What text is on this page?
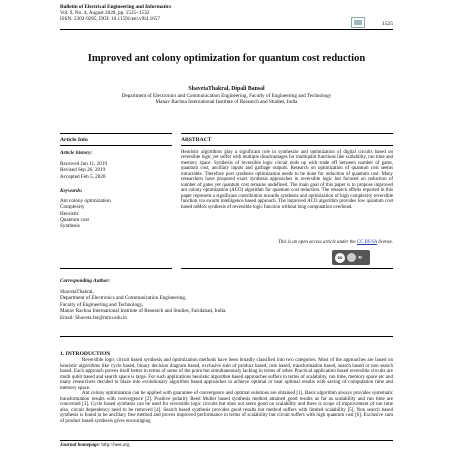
Bulletin of Electrical Engineering and Informatics
Vol. 9, No. 4, August 2020, pp. 1525~1532
ISSN: 2302-9285, DOI: 10.11591/eei.v9i4.1657
1525
Improved ant colony optimization for quantum cost reduction
ShavetaThakral, Dipali Bansal
Department of Electronics and Communication Engineering, Faculty of Engineering and Technology
Manav Rachna International Institute of Research and Studies, India
Article Info	ABSTRACT
Article history:
Received Jun 11, 2019
Revised Sep 26, 2019
Accepted Feb 5, 2020
Keywords:
Ant colony optimization
Complexity
Heuristic
Quantum cost
Synthesis
Heuristic algorithms play a significant role in synthesize and optimization of digital circuits based on reversible logic yet suffer with multiple disadvantages for multiqubit functions like scalability, run time and memory space. Synthesis of reversible logic circuit ends up with trade off between number of gates, quantum cost, ancillary inputs and garbage outputs. Research on optimization of quantum cost seems intractable. Therefore post synthesis optimization needs to be done for reduction of quantum cost. Many researchers have proposed exact synthesis approaches in reversible logic but focused on reduction of number of gates yet quantum cost remains undefined. The main goal of this paper is to propose improved ant colony optimization (ACO) algorithm for quantum cost reduction. The research efforts reported in this paper represent a significant contribution towards synthesis and optimization of high complexity reversible function via swarm intelligence based approach. The improved ACO algorithm provides low quantum cost based mMoS synthesis of reversible logic function without long computation overhead.
This is an open access article under the CC BY-SA license.
cc	⟲
Corresponding Author:
ShavetaThakral,
Department of Electronics and Communication Engineering,
Faculty of Engineering and Technology,
Manav Rachna International Institute of Research and Studies, Faridabad, India.
Email: Shaveta.fet@mriu.edu.in
1. INTRODUCTION

Reversible logic circuit based synthesis and optimization methods have been broadly classified into two categories. Most of the approaches are based on heuristic algorithms like cycle based, binary decision diagram based, exclusive sum of product based, rule based, transformation based, search based or non search based. Each approach proves itself better in terms of some of the point but simultaneously lacking in terms of other. Practical application based reversible circuits are multi qubit based and search space is large. For such applications heuristic algorithm based approaches suffers in terms of scalability, run time, memory space etc and many researchers decided to blaze into evolutionary algorithm based approaches to achieve optimal or near optimal results with saving of computation time and memory space.

Ant colony optimization can be applied with guarantee of convergence and optimal solutions are obtained [1]. Basic algorithm always provides systematic transformation results with convergence [2]. Positive polarity Reed Muller based synthesis method attained good results as far as scalability and run time are concerned [3]. Cycle based synthesis can be used for reversible logic circuits but does not seem good on scalability and there is scope of improvement of run time also, circuit dependency need to be removed [4]. Search based synthesis provides good results but method suffers with limited scalability [5]. Non search based synthesis is found to be ancillary free method and proves improved performance in terms of scalability but circuit suffers with high quantum cost [6]. Exclusive sum of product based synthesis gives encouraging

Journal homepage: http://beei.org
